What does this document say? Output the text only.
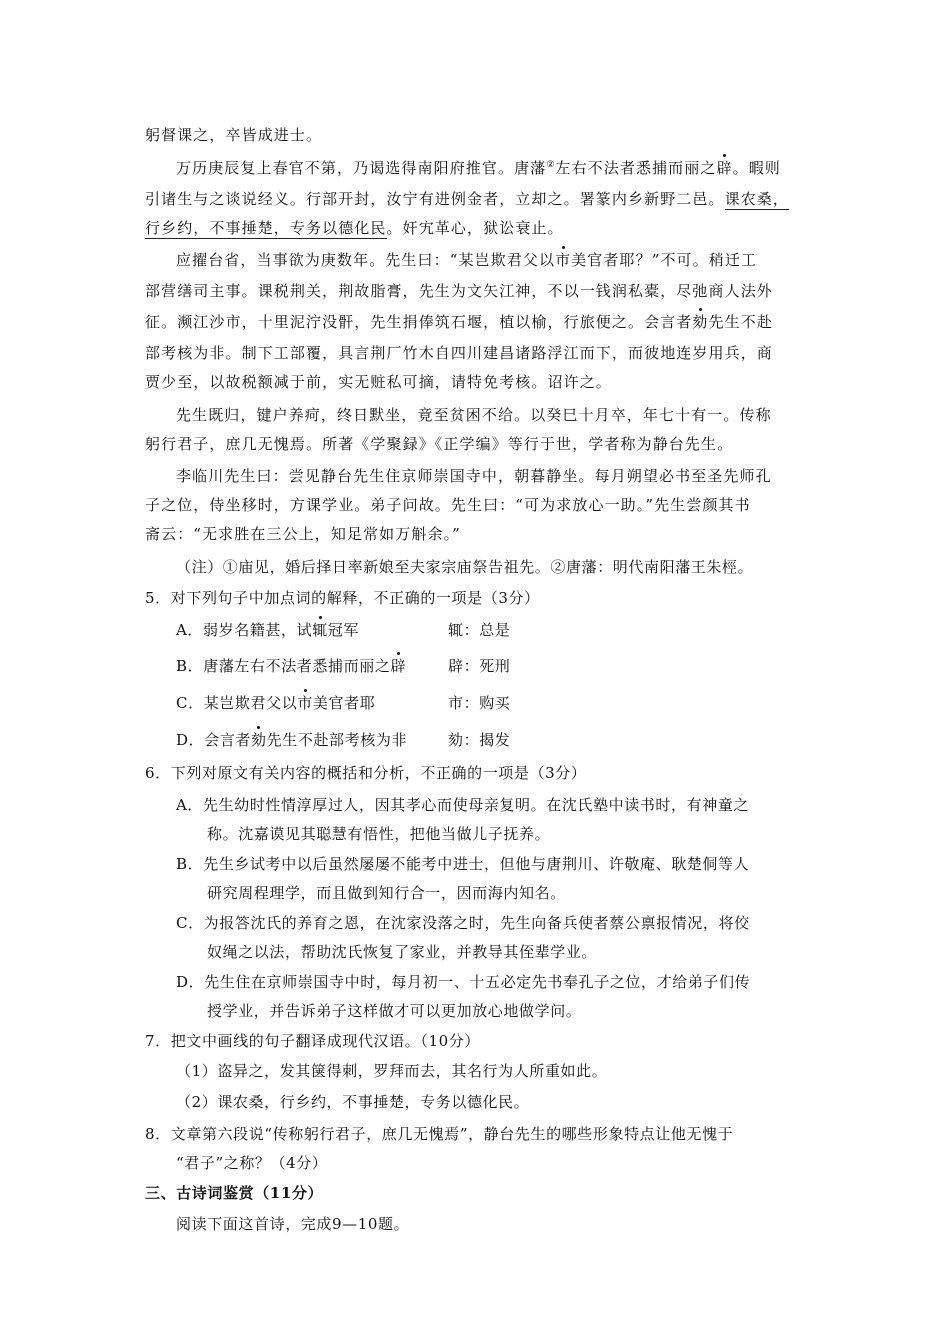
躬督课之，卒皆成进士。
万历庚辰复上春官不第，乃谒选得南阳府推官。唐藩②左右不法者悉捕而丽之辟。暇则
引诸生与之谈说经义。行部开封，汝宁有进例金者，立却之。署篆内乡新野二邑。课农桑，
行乡约，不事捶楚，专务以德化民。奸宄革心，狱讼衰止。
应擢台省，当事欲为庚数年。先生曰：“某岂欺君父以市美官者耶？”不可。稍迁工
部营缮司主事。课税荆关，荆故脂膏，先生为文矢江神，不以一钱润私橐，尽弛商人法外
征。濒江沙市，十里泥泞没骭，先生捐俸筑石堰，植以榆，行旅便之。会言者劾先生不赴
部考核为非。制下工部覆，具言荆厂竹木自四川建昌诸路浮江而下，而彼地连岁用兵，商
贾少至，以故税额减于前，实无赃私可摘，请特免考核。诏许之。
先生既归，键户养疴，终日默坐，竟至贫困不给。以癸巳十月卒，年七十有一。传称
躬行君子，庶几无愧焉。所著《学聚録》《正学编》等行于世，学者称为静台先生。
李临川先生曰：尝见静台先生住京师崇国寺中，朝暮静坐。每月朔望必书至圣先师孔
子之位，侍坐移时，方课学业。弟子问故。先生曰：“可为求放心一助。”先生尝颜其书
斋云：“无求胜在三公上，知足常如万斛余。”
（注）①庙见，婚后择日率新娘至夫家宗庙祭告祖先。②唐藩：明代南阳藩王朱桱。
5．对下列句子中加点词的解释，不正确的一项是（3分）
A．弱岁名籍甚，试辄冠军	辄：总是
B．唐藩左右不法者悉捕而丽之辟	辟：死刑
C．某岂欺君父以市美官者耶	市：购买
D．会言者劾先生不赴部考核为非	劾：揭发
6．下列对原文有关内容的概括和分析，不正确的一项是（3分）
A．先生幼时性情淳厚过人，因其孝心而使母亲复明。在沈氏塾中读书时，有神童之
称。沈嘉谟见其聪慧有悟性，把他当做儿子抚养。
B．先生乡试考中以后虽然屡屡不能考中进士，但他与唐荆川、许敬庵、耿楚侗等人
研究周程理学，而且做到知行合一，因而海内知名。
C．为报答沈氏的养育之恩，在沈家没落之时，先生向备兵使者蔡公禀报情况，将佼
奴绳之以法，帮助沈氏恢复了家业，并教导其侄辈学业。
D．先生住在京师崇国寺中时，每月初一、十五必定先书奉孔子之位，才给弟子们传
授学业，并告诉弟子这样做才可以更加放心地做学问。
7．把文中画线的句子翻译成现代汉语。（10分）
（1）盗异之，发其箧得刺，罗拜而去，其名行为人所重如此。
（2）课农桑，行乡约，不事捶楚，专务以德化民。
8．文章第六段说“传称躬行君子，庶几无愧焉”，静台先生的哪些形象特点让他无愧于
“君子”之称？（4分）
三、古诗词鉴赏（11分）
阅读下面这首诗，完成9—10题。
